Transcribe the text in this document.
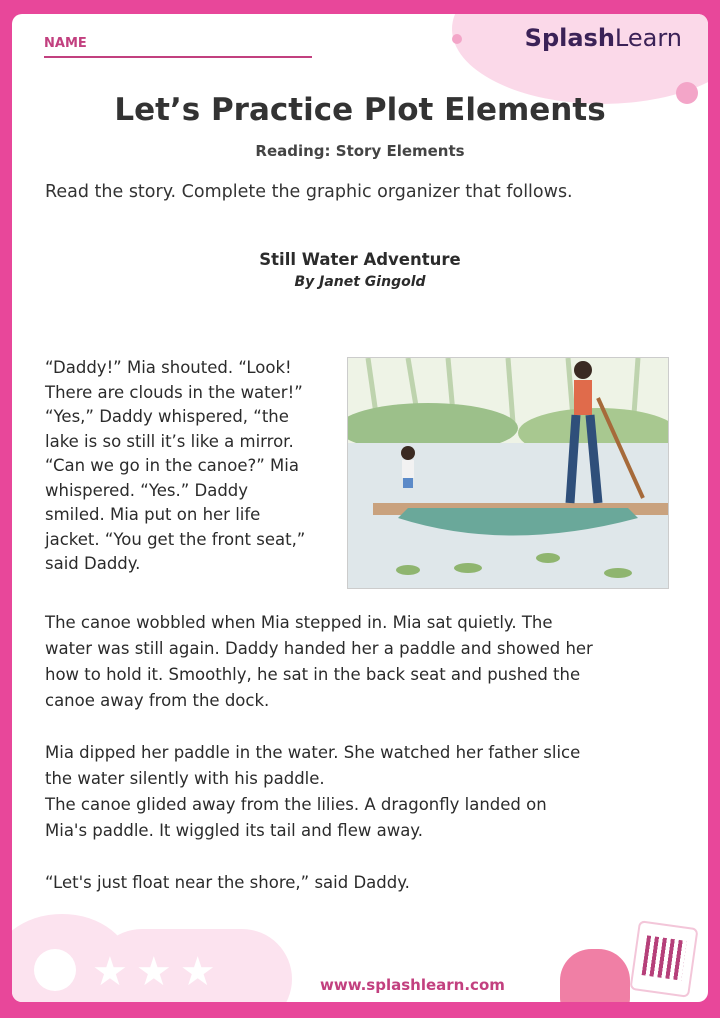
NAME	SplashLearn
Let’s Practice Plot Elements
Reading: Story Elements
Read the story. Complete the graphic organizer that follows.
Still Water Adventure
By Janet Gingold
“Daddy!” Mia shouted. “Look!
There are clouds in the water!”
“Yes,” Daddy whispered, “the
lake is so still it’s like a mirror.
“Can we go in the canoe?” Mia
whispered. “Yes.” Daddy
smiled. Mia put on her life
jacket. “You get the front seat,”
said Daddy.
The canoe wobbled when Mia stepped in. Mia sat quietly. The
water was still again. Daddy handed her a paddle and showed her
how to hold it. Smoothly, he sat in the back seat and pushed the
canoe away from the dock.
Mia dipped her paddle in the water. She watched her father slice
the water silently with his paddle.
The canoe glided away from the lilies. A dragonfly landed on
Mia's paddle. It wiggled its tail and flew away.
“Let's just float near the shore,” said Daddy.
★★★	www.splashlearn.com
